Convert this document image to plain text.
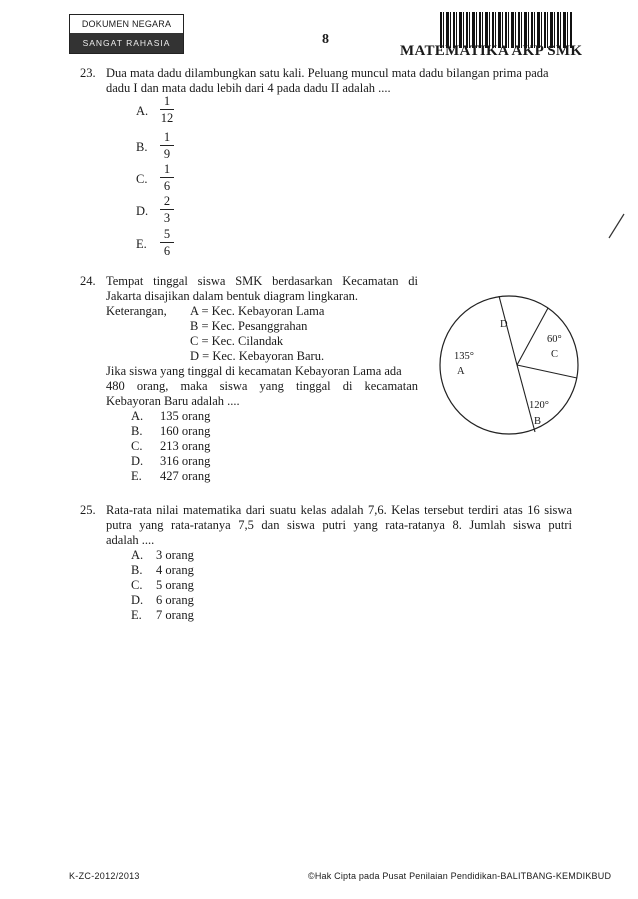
DOKUMEN NEGARA
SANGAT RAHASIA	8
MATEMATIKA AKP SMK
23. Dua mata dadu dilambungkan satu kali. Peluang muncul mata dadu bilangan prima pada
dadu I dan mata dadu lebih dari 4 pada dadu II adalah ....
A.
1
12
B.
1
9
C.
1
6
D.
2
3
E.
5
6
24. Tempat tinggal siswa SMK berdasarkan Kecamatan di
Jakarta disajikan dalam bentuk diagram lingkaran.
Keterangan, A = Kec. Kebayoran Lama
B = Kec. Pesanggrahan
C = Kec. Cilandak
D = Kec. Kebayoran Baru.
Jika siswa yang tinggal di kecamatan Kebayoran Lama ada
480 orang, maka siswa yang tinggal di kecamatan
Kebayoran Baru adalah ....
A. 135 orang
B. 160 orang
C. 213 orang
D. 316 orang
E. 427 orang
135°
A
D
60°
C
120°
B
25. Rata-rata nilai matematika dari suatu kelas adalah 7,6. Kelas tersebut terdiri atas 16 siswa
putra yang rata-ratanya 7,5 dan siswa putri yang rata-ratanya 8. Jumlah siswa putri
adalah ....
A. 3 orang
B. 4 orang
C. 5 orang
D. 6 orang
E. 7 orang
K-ZC-2012/2013	©Hak Cipta pada Pusat Penilaian Pendidikan-BALITBANG-KEMDIKBUD
